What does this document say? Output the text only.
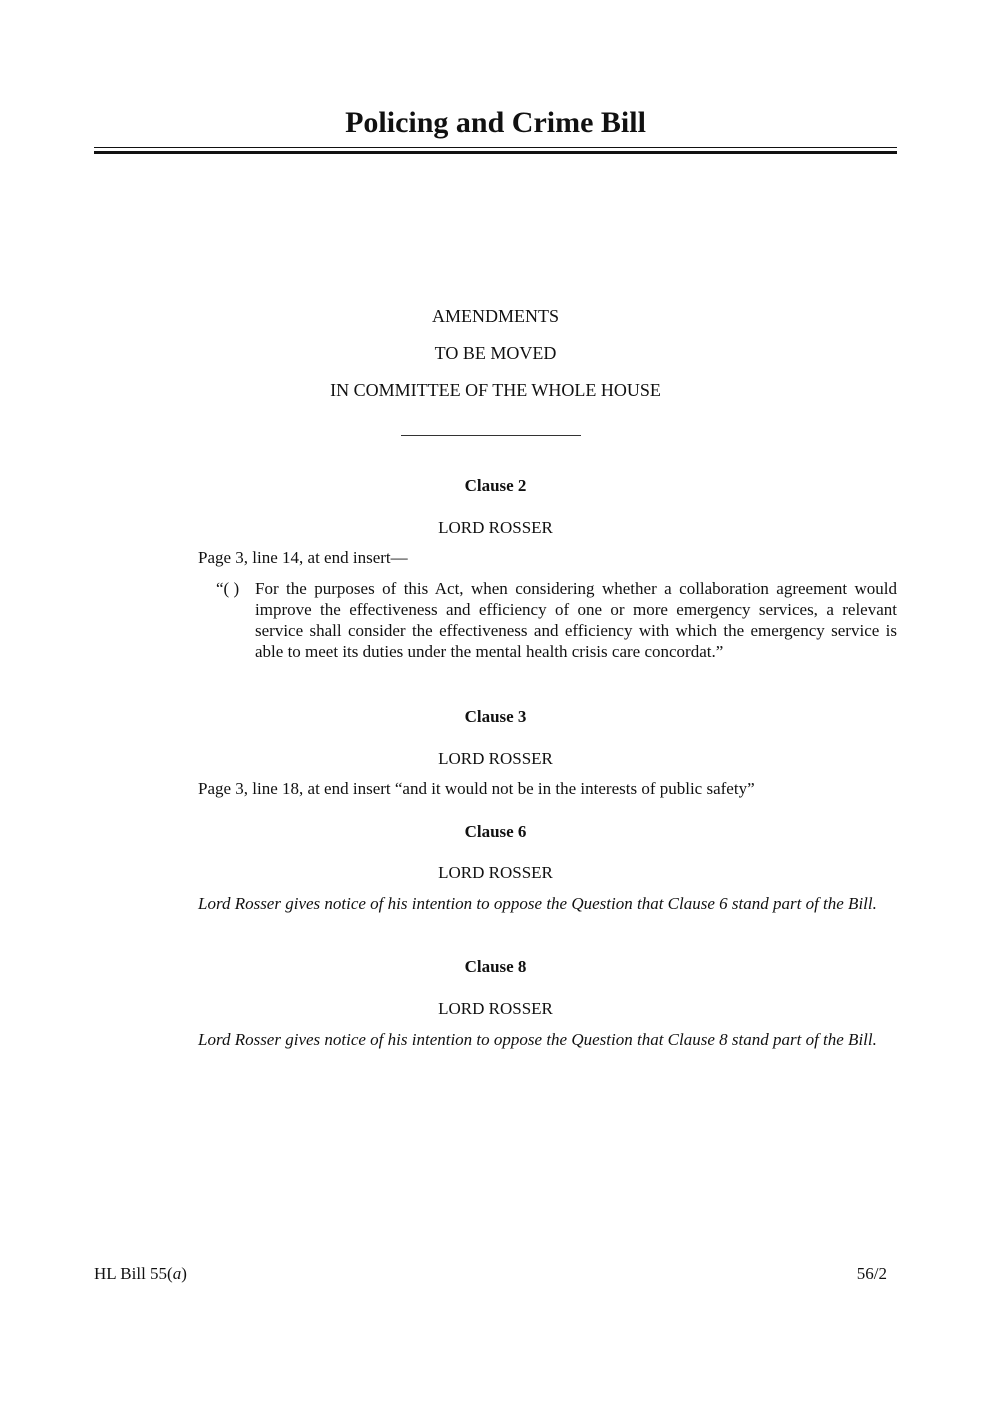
Policing and Crime Bill
AMENDMENTS
TO BE MOVED
IN COMMITTEE OF THE WHOLE HOUSE
Clause 2
LORD ROSSER
Page 3, line 14, at end insert—
“( ) For the purposes of this Act, when considering whether a collaboration agreement would improve the effectiveness and efficiency of one or more emergency services, a relevant service shall consider the effectiveness and efficiency with which the emergency service is able to meet its duties under the mental health crisis care concordat.”
Clause 3
LORD ROSSER
Page 3, line 18, at end insert “and it would not be in the interests of public safety”
Clause 6
LORD ROSSER
Lord Rosser gives notice of his intention to oppose the Question that Clause 6 stand part of the Bill.
Clause 8
LORD ROSSER
Lord Rosser gives notice of his intention to oppose the Question that Clause 8 stand part of the Bill.
HL Bill 55(a)	56/2
